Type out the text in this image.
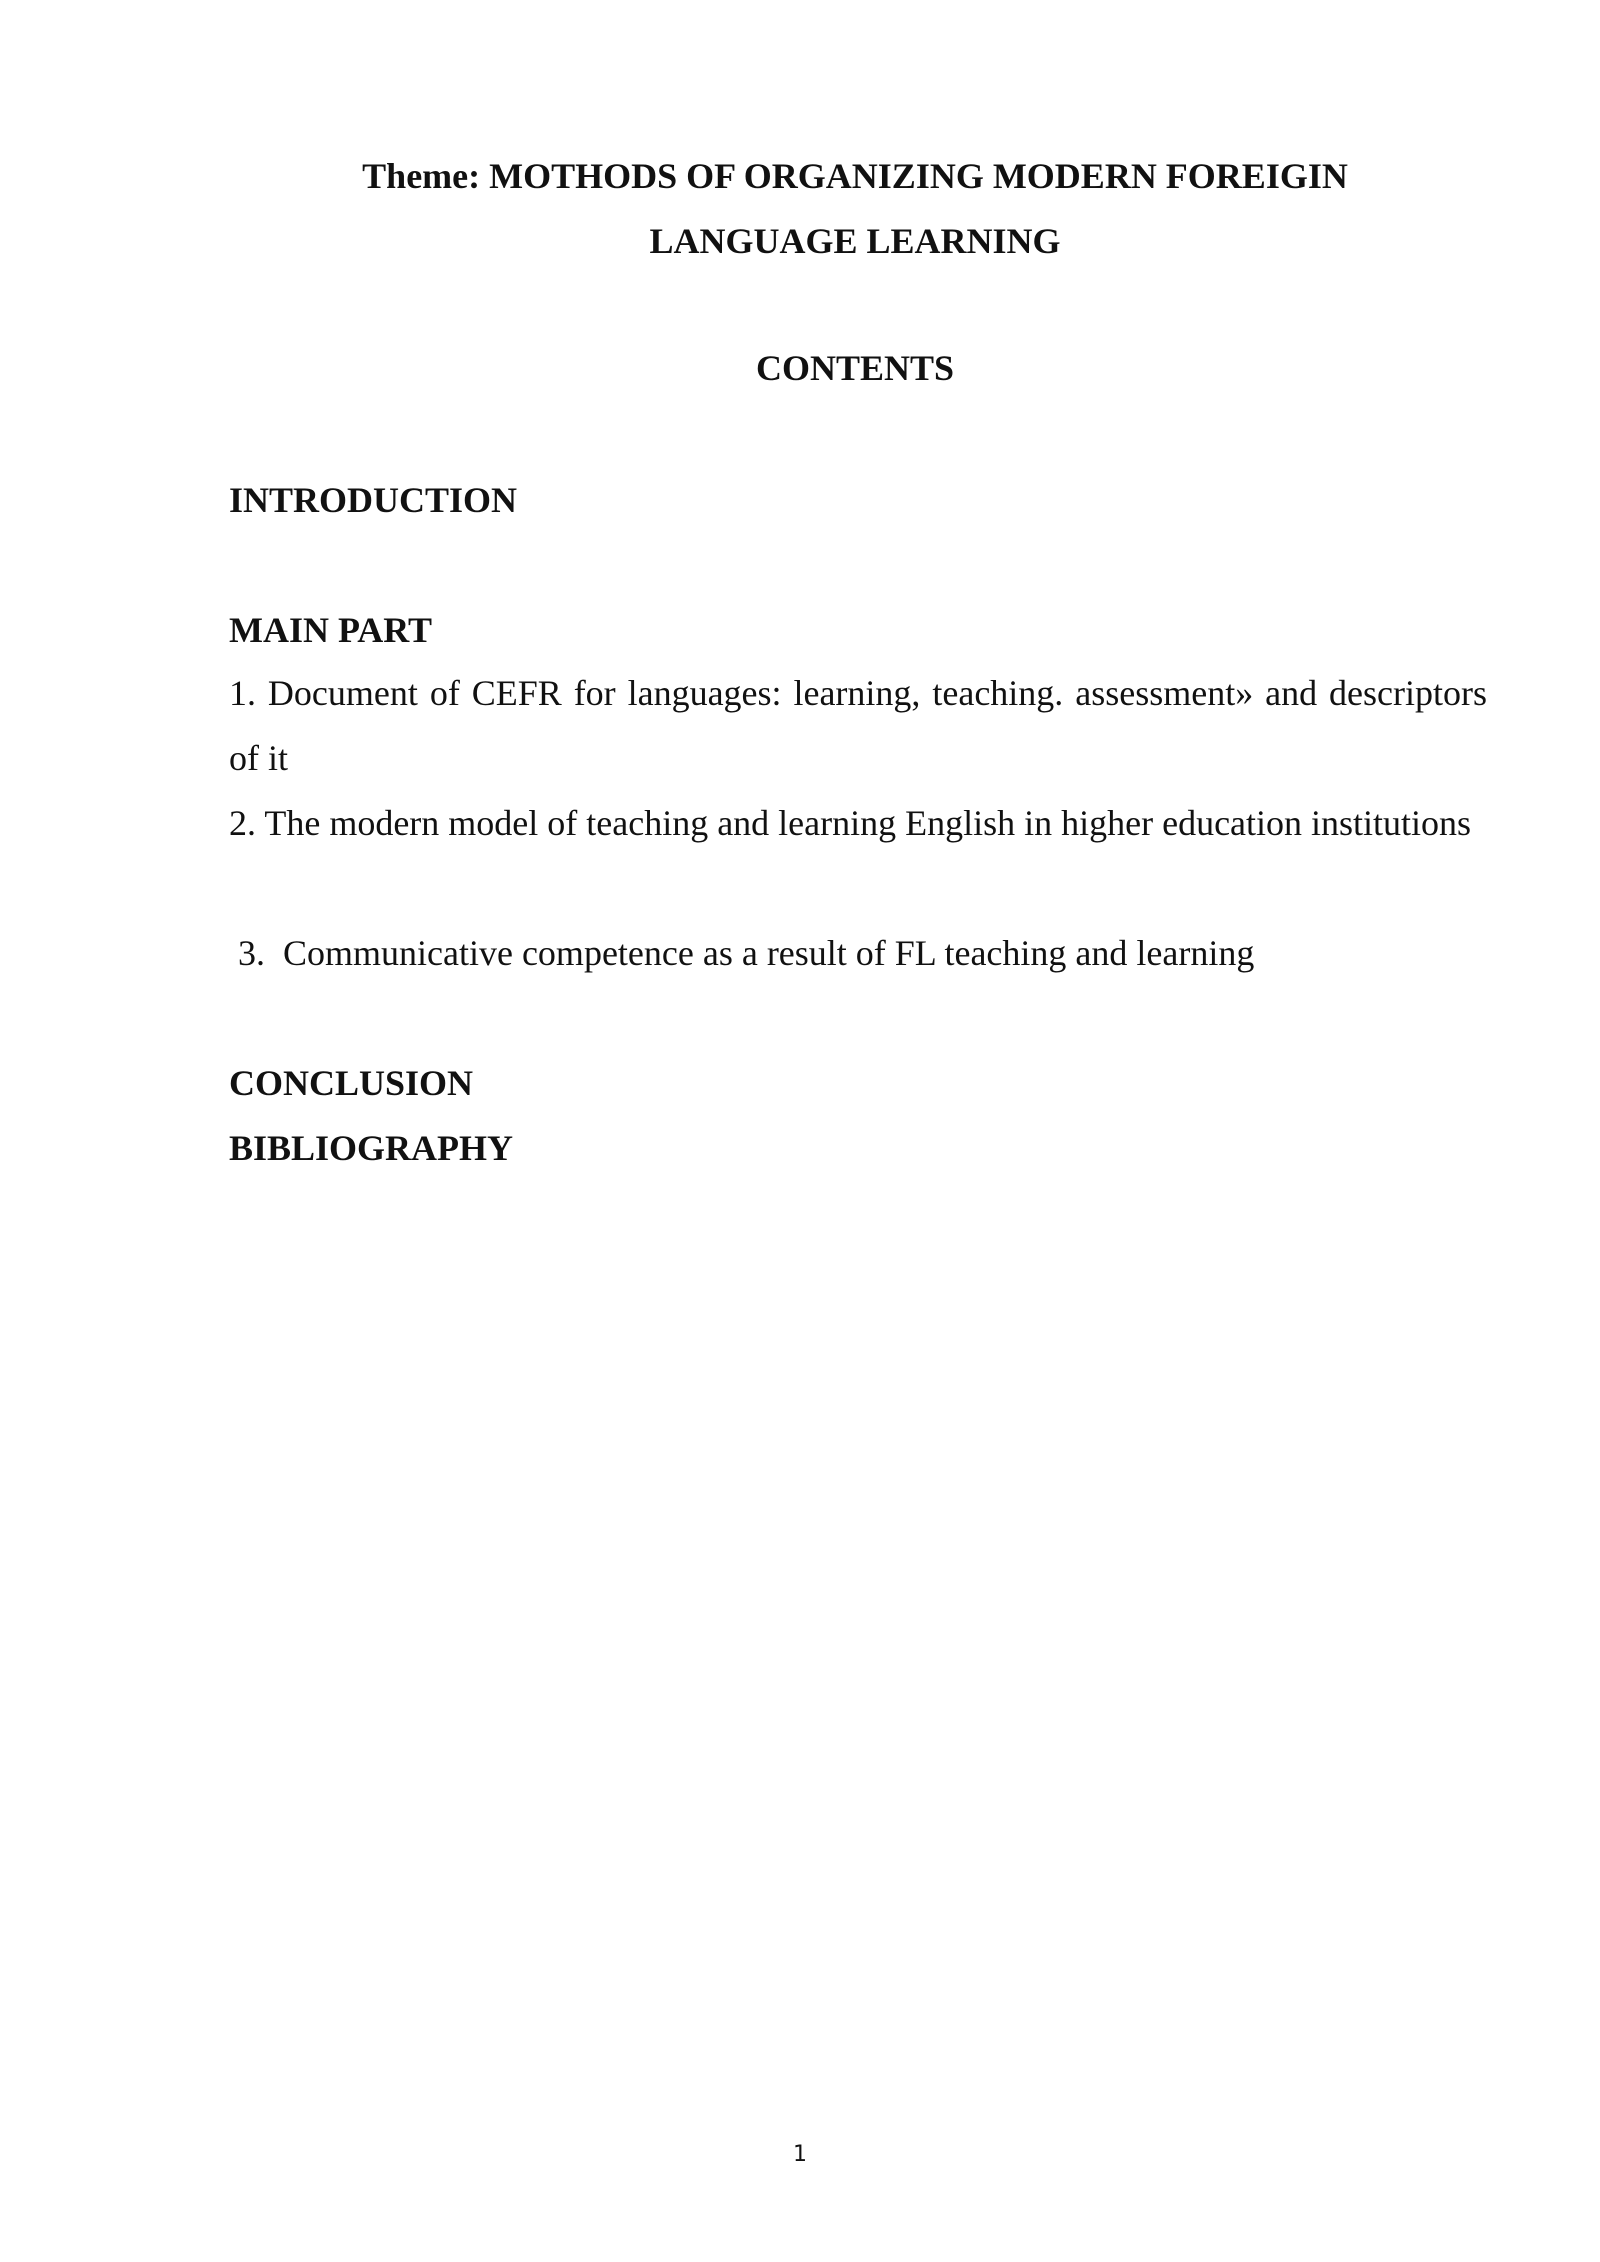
Theme: MOTHODS OF ORGANIZING MODERN FOREIGIN
LANGUAGE LEARNING
CONTENTS
INTRODUCTION
MAIN PART
1. Document of CEFR for languages: learning, teaching. assessment» and descriptors of it
2. The modern model of teaching and learning English in higher education institutions
3.  Communicative competence as a result of FL teaching and learning
CONCLUSION
BIBLIOGRAPHY
1
